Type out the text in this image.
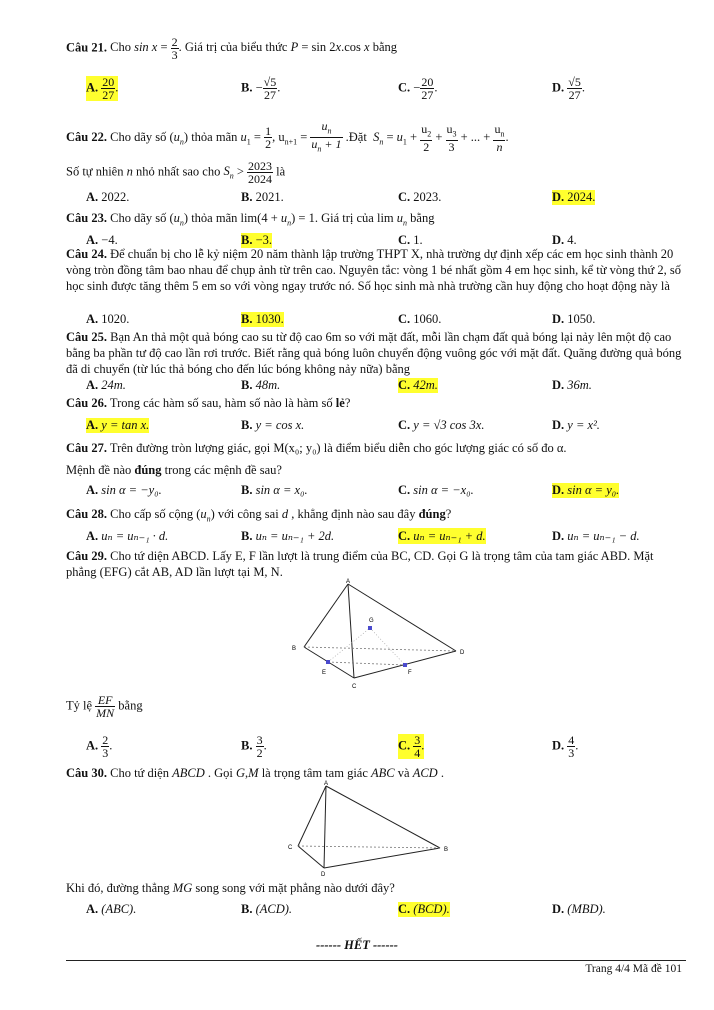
Câu 21. Cho $\sin x = \frac{2}{3}$ . Giá trị của biểu thức P = sin 2x.cos x bằng
A. $\frac{20}{27}$ .	B. − $\frac{√5}{27}$ .	C. − $\frac{20}{27}$ .	D. $\frac{√5}{27}$ .
Câu 22. Cho dãy số $(u_n)$ thỏa mãn $u_1 = \frac{1}{2}$ , $u_{n+1} = \frac{u_n}{u_n + 1}$ .Đặt  $S_n = u_1 + \frac{u_2}{2} + \frac{u_3}{3}$ + ... + $\frac{u_n}{n}$ .
Số tự nhiên n nhỏ nhất sao cho $S_n > \frac{2023}{2024}$ là
A. 2022.	B. 2021.	C. 2023.	D. 2024.
Câu 23. Cho dãy số $(u_n)$ thỏa mãn $\lim(4 + u_n) = 1$. Giá trị của $\lim u_n$ bằng
A. −4.	B. −3.	C. 1.	D. 4.
Câu 24. Để chuẩn bị cho lễ kỷ niệm 20 năm thành lập trường THPT X, nhà trường dự định xếp các em học sinh thành 20 vòng tròn đồng tâm bao nhau để chụp ảnh từ trên cao. Nguyên tắc: vòng 1 bé nhất gồm 4 em học sinh, kể từ vòng thứ 2, số học sinh được tăng thêm 5 em so với vòng ngay trước nó. Số học sinh mà nhà trường cần huy động cho hoạt động này là
A. 1020.	B. 1030.	C. 1060.	D. 1050.
Câu 25. Bạn An thả một quả bóng cao su từ độ cao 6m so với mặt đất, mỗi lần chạm đất quả bóng lại nảy lên một độ cao bằng ba phần tư độ cao lần rơi trước. Biết rằng quả bóng luôn chuyển động vuông góc với mặt đất. Quãng đường quả bóng đã di chuyển (từ lúc thả bóng cho đến lúc bóng không nảy nữa) bằng
A. 24m.	B. 48m.	C. 42m.	D. 36m.
Câu 26. Trong các hàm số sau, hàm số nào là hàm số lẻ?
A. y = tan x.	B. y = cos x.	C. y = √3 cos 3x.	D. y = x².
Câu 27. Trên đường tròn lượng giác, gọi M(x₀; y₀) là điểm biểu diễn cho góc lượng giác có số đo α.
Mệnh đề nào đúng trong các mệnh đề sau?
A. sin α = −y₀.	B. sin α = x₀.	C. sin α = −x₀.	D. sin α = y₀.
Câu 28. Cho cấp số cộng $(u_n)$ với công sai d , khẳng định nào sau đây đúng?
A. uₙ = uₙ₋₁ · d.	B. uₙ = uₙ₋₁ + 2d.	C. uₙ = uₙ₋₁ + d.	D. uₙ = uₙ₋₁ − d.
Câu 29. Cho tứ diện ABCD. Lấy E, F lần lượt là trung điểm của BC, CD. Gọi G là trọng tâm của tam giác ABD. Mặt phẳng (EFG) cắt AB, AD lần lượt tại M, N.
A
B
C
D
E	F
G
Tỷ lệ $\frac{EF}{MN}$ bằng
A. $\frac{2}{3}$ .	B. $\frac{3}{2}$ .	C. $\frac{3}{4}$ .	D. $\frac{4}{3}$ .
Câu 30. Cho tứ diện ABCD . Gọi G,M là trọng tâm tam giác ABC và ACD .
A
C
D
B
Khi đó, đường thẳng MG song song với mặt phẳng nào dưới đây?
A. (ABC).	B. (ACD).	C. (BCD).	D. (MBD).
------ HẾT ------
Trang 4/4 Mã đề 101
